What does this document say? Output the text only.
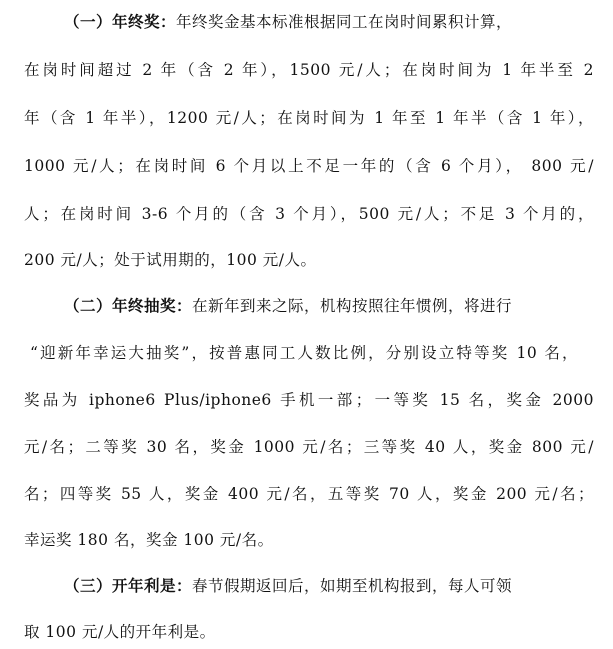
（一）年终奖：年终奖金基本标准根据同工在岗时间累积计算，
在岗时间超过 2 年（含 2 年），1500 元/人；在岗时间为 1 年半至 2
年（含 1 年半），1200 元/人；在岗时间为 1 年至 1 年半（含 1 年），
1000 元/人；在岗时间 6 个月以上不足一年的（含 6 个月）， 800 元/
人；在岗时间 3-6 个月的（含 3 个月），500 元/人；不足 3 个月的，
200 元/人；处于试用期的，100 元/人。
（二）年终抽奖：在新年到来之际，机构按照往年惯例，将进行
“迎新年幸运大抽奖”，按普惠同工人数比例，分别设立特等奖 10 名，
奖品为 iphone6 Plus/iphone6 手机一部；一等奖 15 名，奖金 2000
元/名；二等奖 30 名，奖金 1000 元/名；三等奖 40 人，奖金 800 元/
名；四等奖 55 人，奖金 400 元/名，五等奖 70 人，奖金 200 元/名；
幸运奖 180 名，奖金 100 元/名。
（三）开年利是：春节假期返回后，如期至机构报到，每人可领
取 100 元/人的开年利是。
